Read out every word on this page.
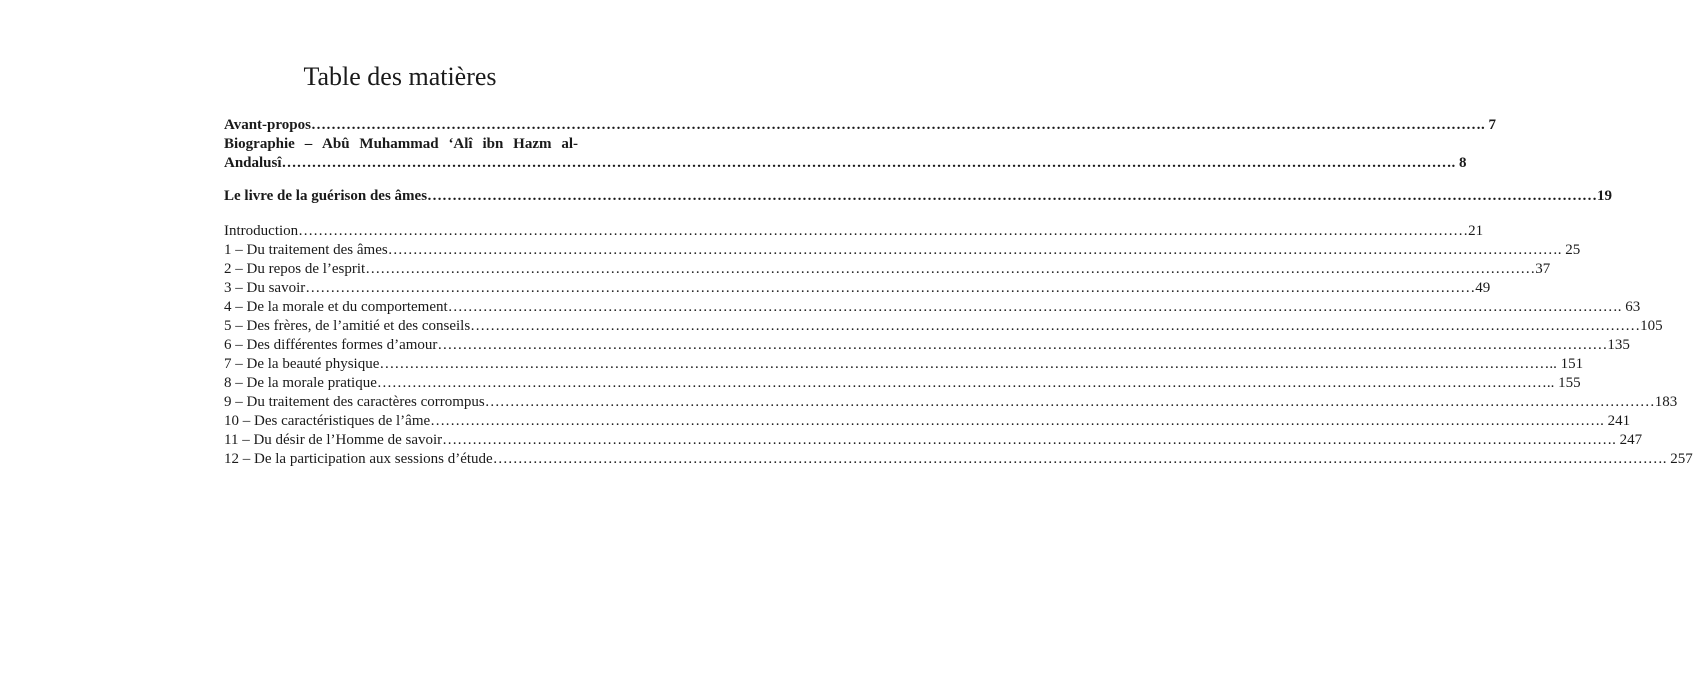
Table des matières
Avant-propos ……………………………………………………………………………………………………………………………………………………………………………………………………………… . 7
Biographie – Abû Muhammad ‘Alî ibn Hazm al-
Andalusî ……………………………………………………………………………………………………………………………………………………………………………………………………………… . 8
Le livre de la guérison des âmes ……………………………………………………………………………………………………………………………………………………………………………………………………………… 19
Introduction ……………………………………………………………………………………………………………………………………………………………………………………………………………… 21
1 – Du traitement des âmes ……………………………………………………………………………………………………………………………………………………………………………………………………………… . 25
2 – Du repos de l’esprit ……………………………………………………………………………………………………………………………………………………………………………………………………………… 37
3 – Du savoir ……………………………………………………………………………………………………………………………………………………………………………………………………………… 49
4 – De la morale et du comportement ……………………………………………………………………………………………………………………………………………………………………………………………………………… . 63
5 – Des frères, de l’amitié et des conseils ……………………………………………………………………………………………………………………………………………………………………………………………………………… 105
6 – Des différentes formes d’amour ……………………………………………………………………………………………………………………………………………………………………………………………………………… 135
7 – De la beauté physique ……………………………………………………………………………………………………………………………………………………………………………………………………………… .. 151
8 – De la morale pratique ……………………………………………………………………………………………………………………………………………………………………………………………………………… .. 155
9 – Du traitement des caractères corrompus ……………………………………………………………………………………………………………………………………………………………………………………………………………… 183
10 – Des caractéristiques de l’âme ……………………………………………………………………………………………………………………………………………………………………………………………………………… . 241
11 – Du désir de l’Homme de savoir ……………………………………………………………………………………………………………………………………………………………………………………………………………… . 247
12 – De la participation aux sessions d’étude ……………………………………………………………………………………………………………………………………………………………………………………………………………… . 257
